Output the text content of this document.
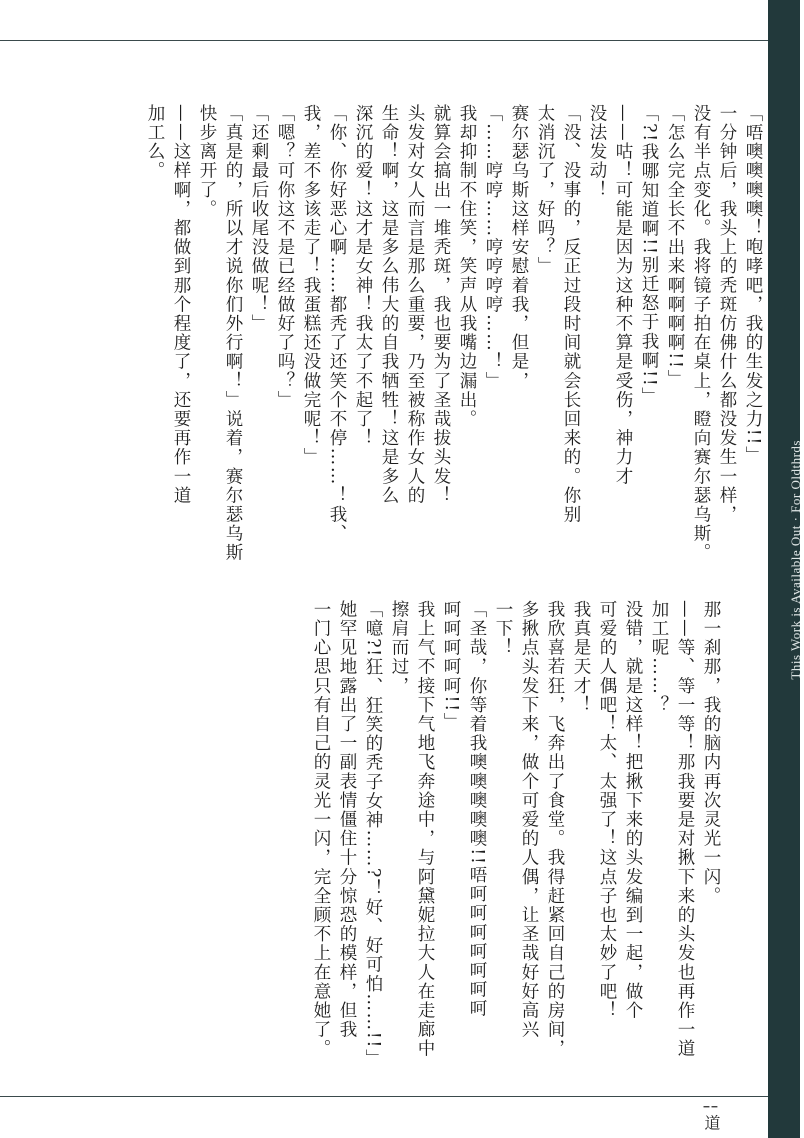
This Work is Available Out · For Oldthrds
「唔噢噢噢噢！咆哮吧，我的生发之力!!」
一分钟后，我头上的秃斑仿佛什么都没发生一样，
没有半点变化。我将镜子拍在桌上，瞪向赛尔瑟乌斯。
「怎么完全长不出来啊啊啊啊!!」
「?!我哪知道啊!!别迁怒于我啊!!」
——咕！可能是因为这种不算是受伤，神力才
没法发动！
「没、没事的，反正过段时间就会长回来的。你别
太消沉了，好吗？」
赛尔瑟乌斯这样安慰着我，但是，
「……哼哼……哼哼哼哼……！」
我却抑制不住笑，笑声从我嘴边漏出。
就算会搞出一堆秃斑，我也要为了圣哉拔头发！
头发对女人而言是那么重要，乃至被称作女人的
生命！啊，这是多么伟大的自我牺牲！这是多么
深沉的爱！这才是女神！我太了不起了！
「你、你好恶心啊……都秃了还笑个不停……！我、
我，差不多该走了！我蛋糕还没做完呢！」
「嗯？可你这不是已经做好了吗？」
「还剩最后收尾没做呢！」
「真是的，所以才说你们外行啊！」说着，赛尔瑟乌斯
快步离开了。
——这样啊，都做到那个程度了，还要再作一道
加工么。
那一刹那，我的脑内再次灵光一闪。
——等、等一等！那我要是对揪下来的头发也再作一道
加工呢……？
没错，就是这样！把揪下来的头发编到一起，做个
可爱的人偶吧！太、太强了！这点子也太妙了吧！
我真是天才！
我欣喜若狂，飞奔出了食堂。我得赶紧回自己的房间，
多揪点头发下来，做个可爱的人偶，让圣哉好好高兴
一下！
「圣哉，你等着我噢噢噢噢噢!!唔呵呵呵呵呵呵呵
呵呵呵呵呵!!」
我上气不接下气地飞奔途中，与阿黛妮拉大人在走廊中
擦肩而过，
「噫?!狂、狂笑的秃子女神……?！好、好可怕……!!」
她罕见地露出了一副表情僵住十分惊恐的模样，但我
一门心思只有自己的灵光一闪，完全顾不上在意她了。
¦ 道
